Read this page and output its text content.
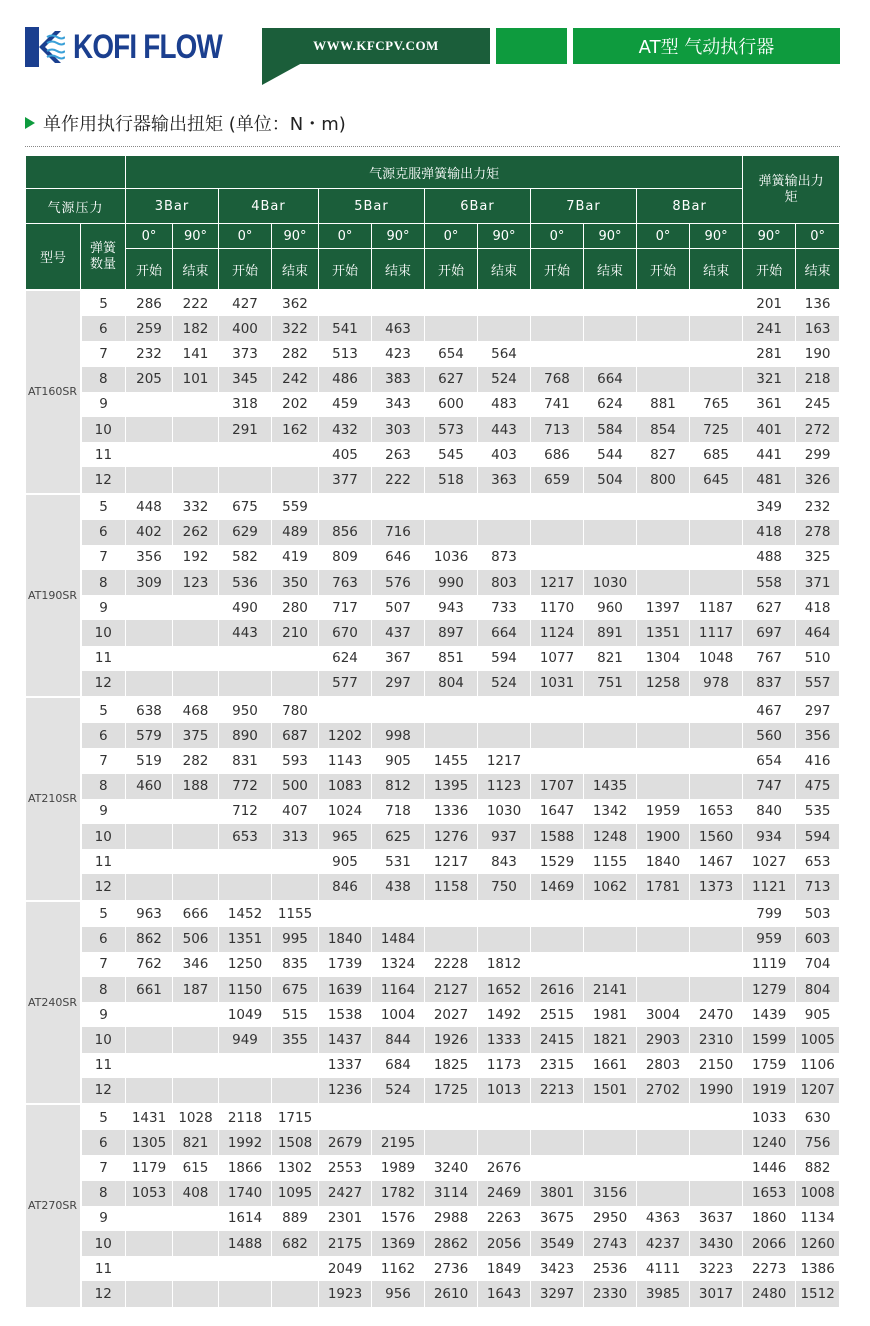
KOFI FLOW	WWW.KFCPV.COM	AT型 气动执行器
单作用执行器输出扭矩 (单位：N・m)
		气源克服弹簧输出力矩												弹簧输出力矩	
气源压力		3Bar		4Bar		5Bar		6Bar		7Bar		8Bar			
型号	弹簧数量	0°	90°	0°	90°	0°	90°	0°	90°	0°	90°	0°	90°	90°	0°
		开始	结束	开始	结束	开始	结束	开始	结束	开始	结束	开始	结束	开始	结束
AT160SR	5	286	222	427	362									201	136
	6	259	182	400	322	541	463							241	163
	7	232	141	373	282	513	423	654	564					281	190
	8	205	101	345	242	486	383	627	524	768	664			321	218
	9			318	202	459	343	600	483	741	624	881	765	361	245
	10			291	162	432	303	573	443	713	584	854	725	401	272
	11					405	263	545	403	686	544	827	685	441	299
	12					377	222	518	363	659	504	800	645	481	326
AT190SR	5	448	332	675	559									349	232
	6	402	262	629	489	856	716							418	278
	7	356	192	582	419	809	646	1036	873					488	325
	8	309	123	536	350	763	576	990	803	1217	1030			558	371
	9			490	280	717	507	943	733	1170	960	1397	1187	627	418
	10			443	210	670	437	897	664	1124	891	1351	1117	697	464
	11					624	367	851	594	1077	821	1304	1048	767	510
	12					577	297	804	524	1031	751	1258	978	837	557
AT210SR	5	638	468	950	780									467	297
	6	579	375	890	687	1202	998							560	356
	7	519	282	831	593	1143	905	1455	1217					654	416
	8	460	188	772	500	1083	812	1395	1123	1707	1435			747	475
	9			712	407	1024	718	1336	1030	1647	1342	1959	1653	840	535
	10			653	313	965	625	1276	937	1588	1248	1900	1560	934	594
	11					905	531	1217	843	1529	1155	1840	1467	1027	653
	12					846	438	1158	750	1469	1062	1781	1373	1121	713
AT240SR	5	963	666	1452	1155									799	503
	6	862	506	1351	995	1840	1484							959	603
	7	762	346	1250	835	1739	1324	2228	1812					1119	704
	8	661	187	1150	675	1639	1164	2127	1652	2616	2141			1279	804
	9			1049	515	1538	1004	2027	1492	2515	1981	3004	2470	1439	905
	10			949	355	1437	844	1926	1333	2415	1821	2903	2310	1599	1005
	11					1337	684	1825	1173	2315	1661	2803	2150	1759	1106
	12					1236	524	1725	1013	2213	1501	2702	1990	1919	1207
AT270SR	5	1431	1028	2118	1715									1033	630
	6	1305	821	1992	1508	2679	2195							1240	756
	7	1179	615	1866	1302	2553	1989	3240	2676					1446	882
	8	1053	408	1740	1095	2427	1782	3114	2469	3801	3156			1653	1008
	9			1614	889	2301	1576	2988	2263	3675	2950	4363	3637	1860	1134
	10			1488	682	2175	1369	2862	2056	3549	2743	4237	3430	2066	1260
	11					2049	1162	2736	1849	3423	2536	4111	3223	2273	1386
	12					1923	956	2610	1643	3297	2330	3985	3017	2480	1512
